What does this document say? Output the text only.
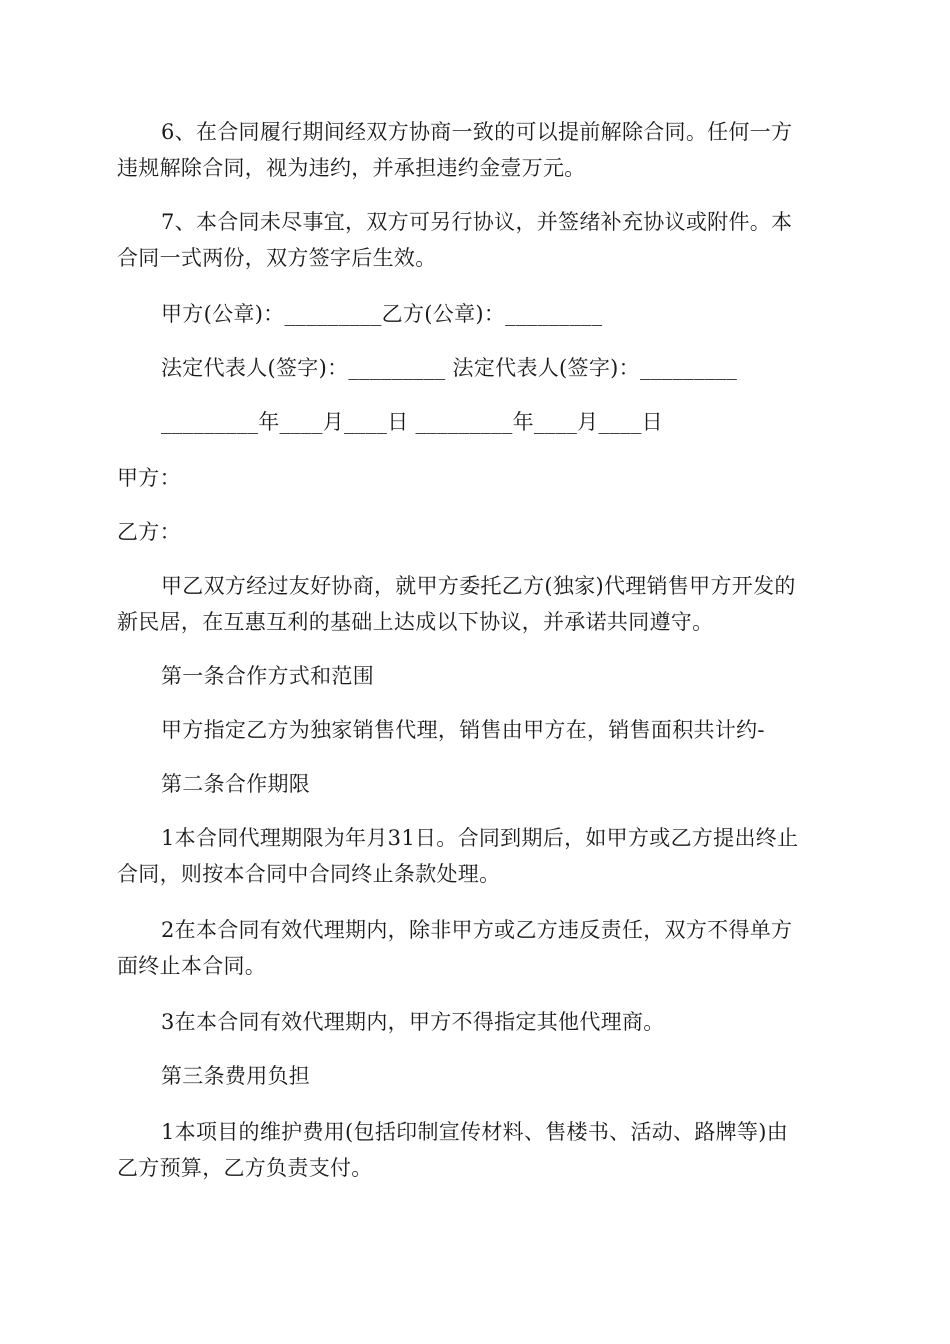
6、在合同履行期间经双方协商一致的可以提前解除合同。任何一方
违规解除合同，视为违约，并承担违约金壹万元。
7、本合同未尽事宜，双方可另行协议，并签绪补充协议或附件。本
合同一式两份，双方签字后生效。
甲方(公章)：_________乙方(公章)：_________
法定代表人(签字)：_________ 法定代表人(签字)：_________
_________年____月____日 _________年____月____日
甲方：
乙方：
甲乙双方经过友好协商，就甲方委托乙方(独家)代理销售甲方开发的
新民居，在互惠互利的基础上达成以下协议，并承诺共同遵守。
第一条合作方式和范围
甲方指定乙方为独家销售代理，销售由甲方在，销售面积共计约-
第二条合作期限
1本合同代理期限为年月31日。合同到期后，如甲方或乙方提出终止
合同，则按本合同中合同终止条款处理。
2在本合同有效代理期内，除非甲方或乙方违反责任，双方不得单方
面终止本合同。
3在本合同有效代理期内，甲方不得指定其他代理商。
第三条费用负担
1本项目的维护费用(包括印制宣传材料、售楼书、活动、路牌等)由
乙方预算，乙方负责支付。
